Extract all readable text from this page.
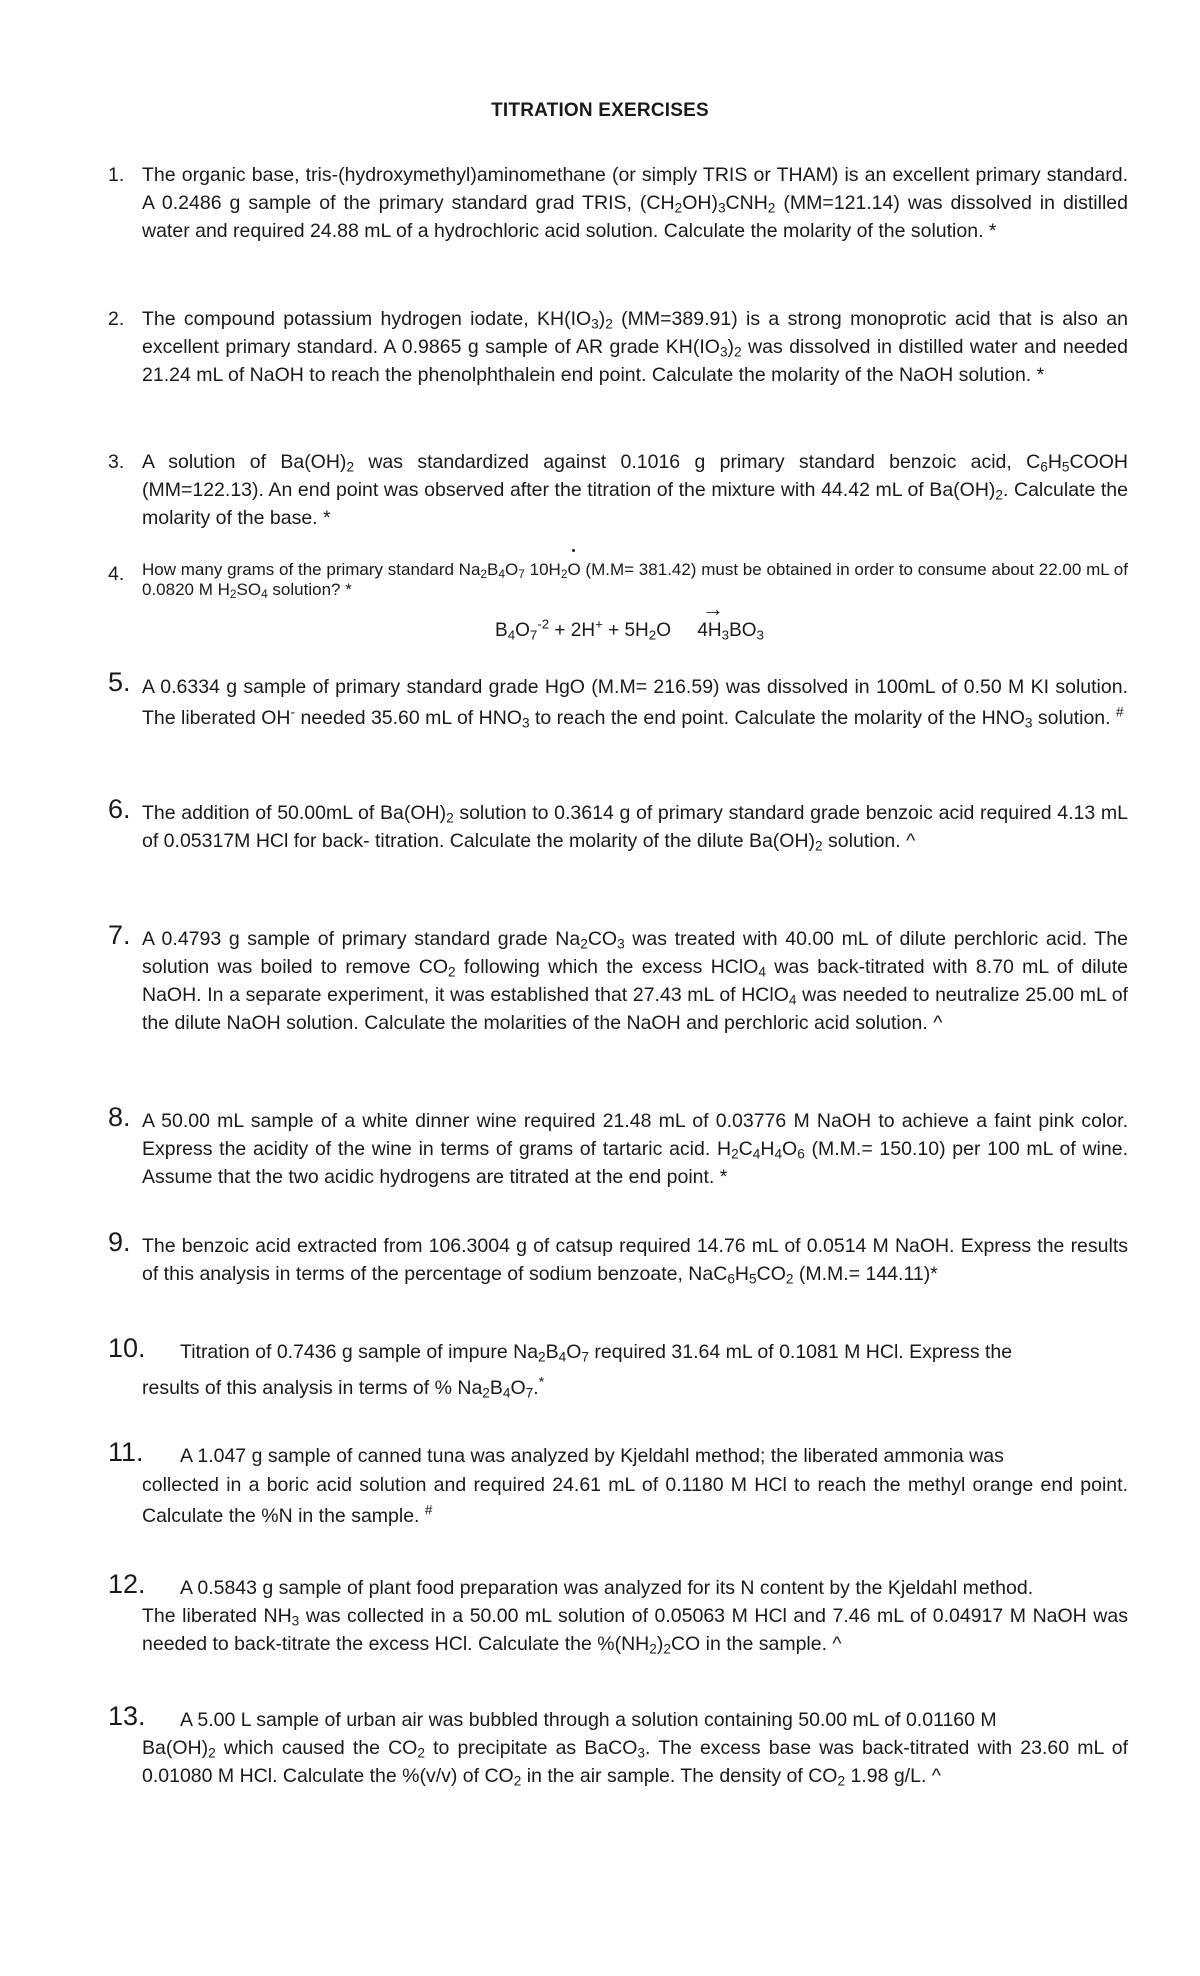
TITRATION EXERCISES
1. The organic base, tris-(hydroxymethyl)aminomethane (or simply TRIS or THAM) is an excellent primary standard. A 0.2486 g sample of the primary standard grad TRIS, $(CH_2OH)_3CNH_2$ (MM=121.14) was dissolved in distilled water and required 24.88 mL of a hydrochloric acid solution. Calculate the molarity of the solution. *
2. The compound potassium hydrogen iodate, $KH(IO_3)_2$ (MM=389.91) is a strong monoprotic acid that is also an excellent primary standard. A 0.9865 g sample of AR grade $KH(IO_3)_2$ was dissolved in distilled water and needed 21.24 mL of NaOH to reach the phenolphthalein end point. Calculate the molarity of the NaOH solution. *
3. A solution of $Ba(OH)_2$ was standardized against 0.1016 g primary standard benzoic acid, $C_6H_5COOH$ (MM=122.13). An end point was observed after the titration of the mixture with 44.42 mL of $Ba(OH)_2$. Calculate the molarity of the base. *
4.	How many grams of the primary standard $Na_2B_4O_7$ $10H_2O$ (M.M= 381.42) must be obtained in order to consume about 22.00 mL of 0.0820 M $H_2SO_4$ solution? *
→
$B_4O_7^{-2} + 2H^+ + 5H_2O$     $4H_3BO_3$
5. A 0.6334 g sample of primary standard grade HgO (M.M= 216.59) was dissolved in 100mL of 0.50 M KI solution. The liberated OH- needed 35.60 mL of $HNO_3$ to reach the end point. Calculate the molarity of the $HNO_3$ solution. #
6. The addition of 50.00mL of $Ba(OH)_2$ solution to 0.3614 g of primary standard grade benzoic acid required 4.13 mL of 0.05317M HCl for back- titration. Calculate the molarity of the dilute $Ba(OH)_2$ solution. ^
7. A 0.4793 g sample of primary standard grade $Na_2CO_3$ was treated with 40.00 mL of dilute perchloric acid. The solution was boiled to remove $CO_2$ following which the excess HClO$_4$ was back-titrated with 8.70 mL of dilute NaOH. In a separate experiment, it was established that 27.43 mL of HClO$_4$ was needed to neutralize 25.00 mL of the dilute NaOH solution. Calculate the molarities of the NaOH and perchloric acid solution. ^
8. A 50.00 mL sample of a white dinner wine required 21.48 mL of 0.03776 M NaOH to achieve a faint pink color. Express the acidity of the wine in terms of grams of tartaric acid. $H_2C_4H_4O_6$ (M.M.= 150.10) per 100 mL of wine. Assume that the two acidic hydrogens are titrated at the end point. *
9. The benzoic acid extracted from 106.3004 g of catsup required 14.76 mL of 0.0514 M NaOH. Express the results of this analysis in terms of the percentage of sodium benzoate, $NaC_6H_5CO_2$ (M.M.= 144.11)*
10. Titration of 0.7436 g sample of impure $Na_2B_4O_7$ required 31.64 mL of 0.1081 M HCl. Express the
results of this analysis in terms of % $Na_2B_4O_7.^*$
11. A 1.047 g sample of canned tuna was analyzed by Kjeldahl method; the liberated ammonia was
collected in a boric acid solution and required 24.61 mL of 0.1180 M HCl to reach the methyl orange end point. Calculate the %N in the sample. #
12. A 0.5843 g sample of plant food preparation was analyzed for its N content by the Kjeldahl method.
The liberated $NH_3$ was collected in a 50.00 mL solution of 0.05063 M HCl and 7.46 mL of 0.04917 M NaOH was needed to back-titrate the excess HCl. Calculate the $\%(NH_2)_2CO$ in the sample. ^
13. A 5.00 L sample of urban air was bubbled through a solution containing 50.00 mL of 0.01160 M
$Ba(OH)_2$ which caused the $CO_2$ to precipitate as BaCO$_3$. The excess base was back-titrated with 23.60 mL of 0.01080 M HCl. Calculate the %(v/v) of $CO_2$ in the air sample. The density of $CO_2$ 1.98 g/L. ^
